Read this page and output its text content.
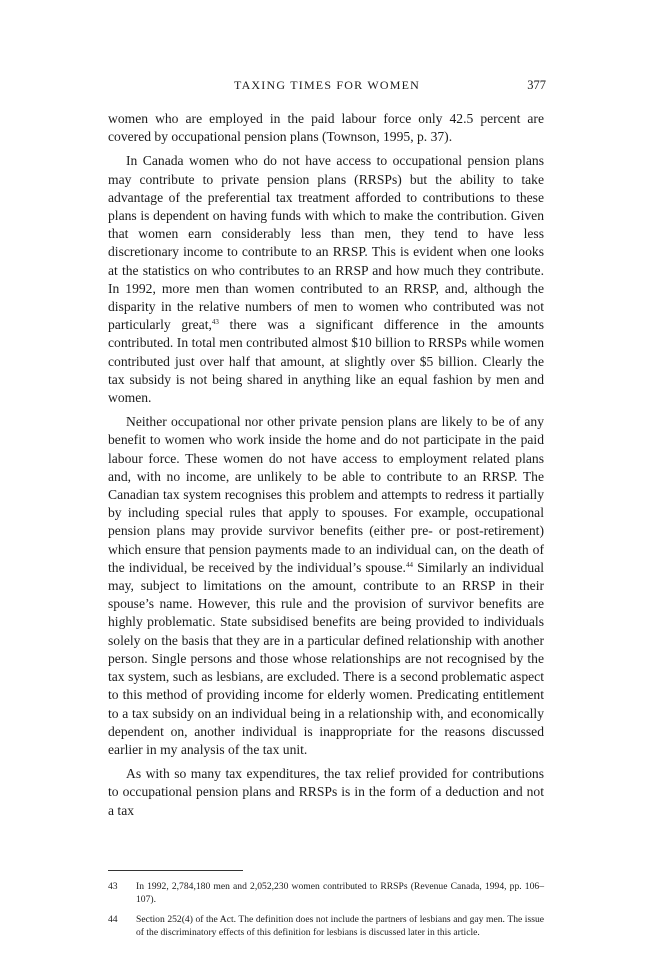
TAXING TIMES FOR WOMEN	377

women who are employed in the paid labour force only 42.5 percent are covered by occupational pension plans (Townson, 1995, p. 37).

In Canada women who do not have access to occupational pension plans may contribute to private pension plans (RRSPs) but the ability to take advantage of the preferential tax treatment afforded to contributions to these plans is dependent on having funds with which to make the contribution. Given that women earn considerably less than men, they tend to have less discretionary income to contribute to an RRSP. This is evident when one looks at the statistics on who contributes to an RRSP and how much they contribute. In 1992, more men than women contributed to an RRSP, and, although the disparity in the relative numbers of men to women who contributed was not particularly great,$^{43}$ there was a significant difference in the amounts contributed. In total men contributed almost $10 billion to RRSPs while women contributed just over half that amount, at slightly over $5 billion. Clearly the tax subsidy is not being shared in anything like an equal fashion by men and women.

Neither occupational nor other private pension plans are likely to be of any benefit to women who work inside the home and do not participate in the paid labour force. These women do not have access to employment related plans and, with no income, are unlikely to be able to contribute to an RRSP. The Canadian tax system recognises this problem and attempts to redress it partially by including special rules that apply to spouses. For example, occupational pension plans may provide survivor benefits (either pre- or post-retirement) which ensure that pension payments made to an individual can, on the death of the individual, be received by the individual’s spouse.$^{44}$ Similarly an individual may, subject to limitations on the amount, contribute to an RRSP in their spouse’s name. However, this rule and the provision of survivor benefits are highly problematic. State subsidised benefits are being provided to individuals solely on the basis that they are in a particular defined relationship with another person. Single persons and those whose relationships are not recognised by the tax system, such as lesbians, are excluded. There is a second problematic aspect to this method of providing income for elderly women. Predicating entitlement to a tax subsidy on an individual being in a relationship with, and economically dependent on, another individual is inappropriate for the reasons discussed earlier in my analysis of the tax unit.

As with so many tax expenditures, the tax relief provided for contributions to occupational pension plans and RRSPs is in the form of a deduction and not a tax

43 In 1992, 2,784,180 men and 2,052,230 women contributed to RRSPs (Revenue Canada, 1994, pp. 106–107).
44 Section 252(4) of the Act. The definition does not include the partners of lesbians and gay men. The issue of the discriminatory effects of this definition for lesbians is discussed later in this article.
